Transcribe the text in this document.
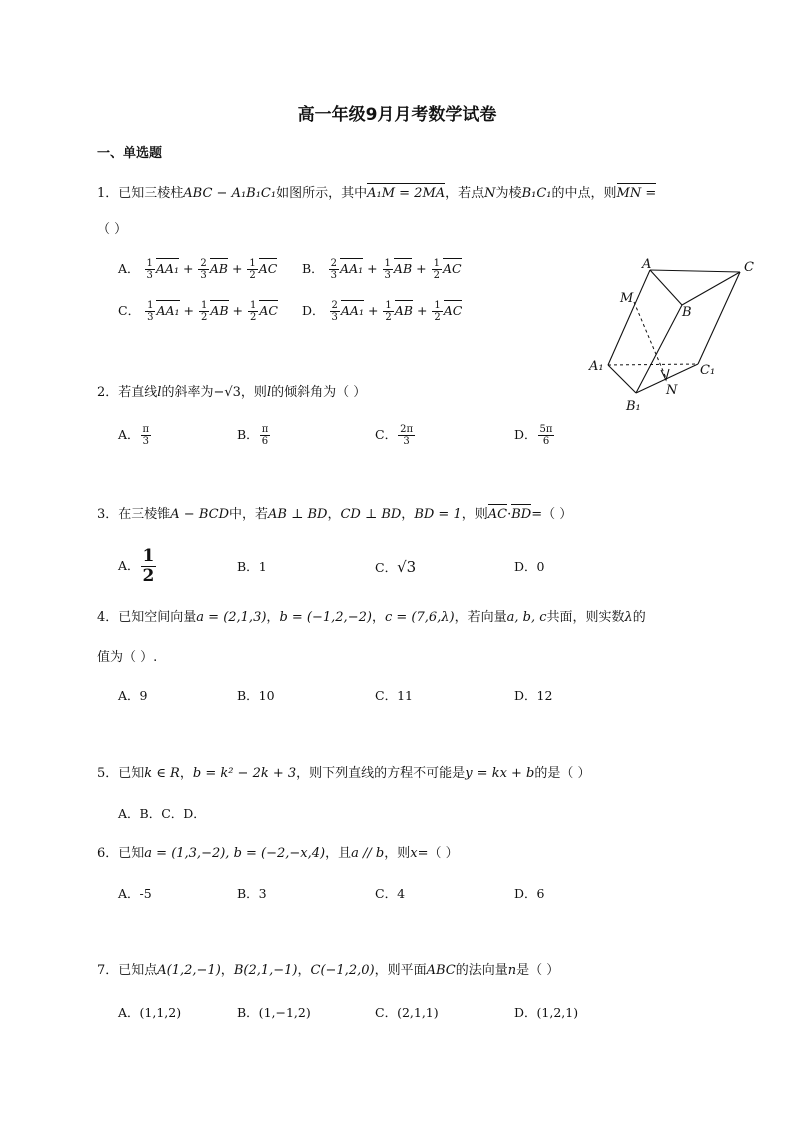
高一年级9月月考数学试卷
一、单选题
1．已知三棱柱ABC − A₁B₁C₁如图所示，其中A₁M = 2MA，若点N为棱B₁C₁的中点，则MN =
（ ）
A． $\frac{1}{3} AA_1 + \frac{2}{3}$ AB + $\frac{1}{2}$ AC B． $\frac{2}{3} AA_1 + \frac{1}{3}$ AB + $\frac{1}{2}$ AC
C． $\frac{1}{3} AA_1 + \frac{1}{2}$ AB + $\frac{1}{2}$ AC D． $\frac{2}{3} AA_1 + \frac{1}{2}$ AB + $\frac{1}{2}$ AC
A
B
C
M
N
A₁
B₁
C₁
2．若直线l的斜率为−√3，则l的倾斜角为（ ）
A． $\frac{\pi}{3}$	B． $\frac{\pi}{6}$	C． $\frac{2\pi}{3}$	D． $\frac{5\pi}{6}$
3．在三棱锥A − BCD中，若AB ⊥ BD，CD ⊥ BD，BD = 1，则AC·BD=（ ）
A． $\frac{1}{2}$	B．1	C．√3	D．0
4．已知空间向量a = (2,1,3)，b = (−1,2,−2)，c = (7,6,λ)，若向量a, b, c共面，则实数λ的
值为（ ）.
A．9	B．10	C．11	D．12
5．已知k ∈ R，b = k² − 2k + 3，则下列直线的方程不可能是y = kx + b的是（ ）
A．B．C．D．
6．已知a = (1,3,−2), b = (−2,−x,4)，且a // b，则x=（ ）
A．-5	B．3	C．4	D．6
7．已知点A(1,2,−1)，B(2,1,−1)，C(−1,2,0)，则平面ABC的法向量n是（ ）
A．(1,1,2)	B．(1,−1,2)	C．(2,1,1)	D．(1,2,1)
